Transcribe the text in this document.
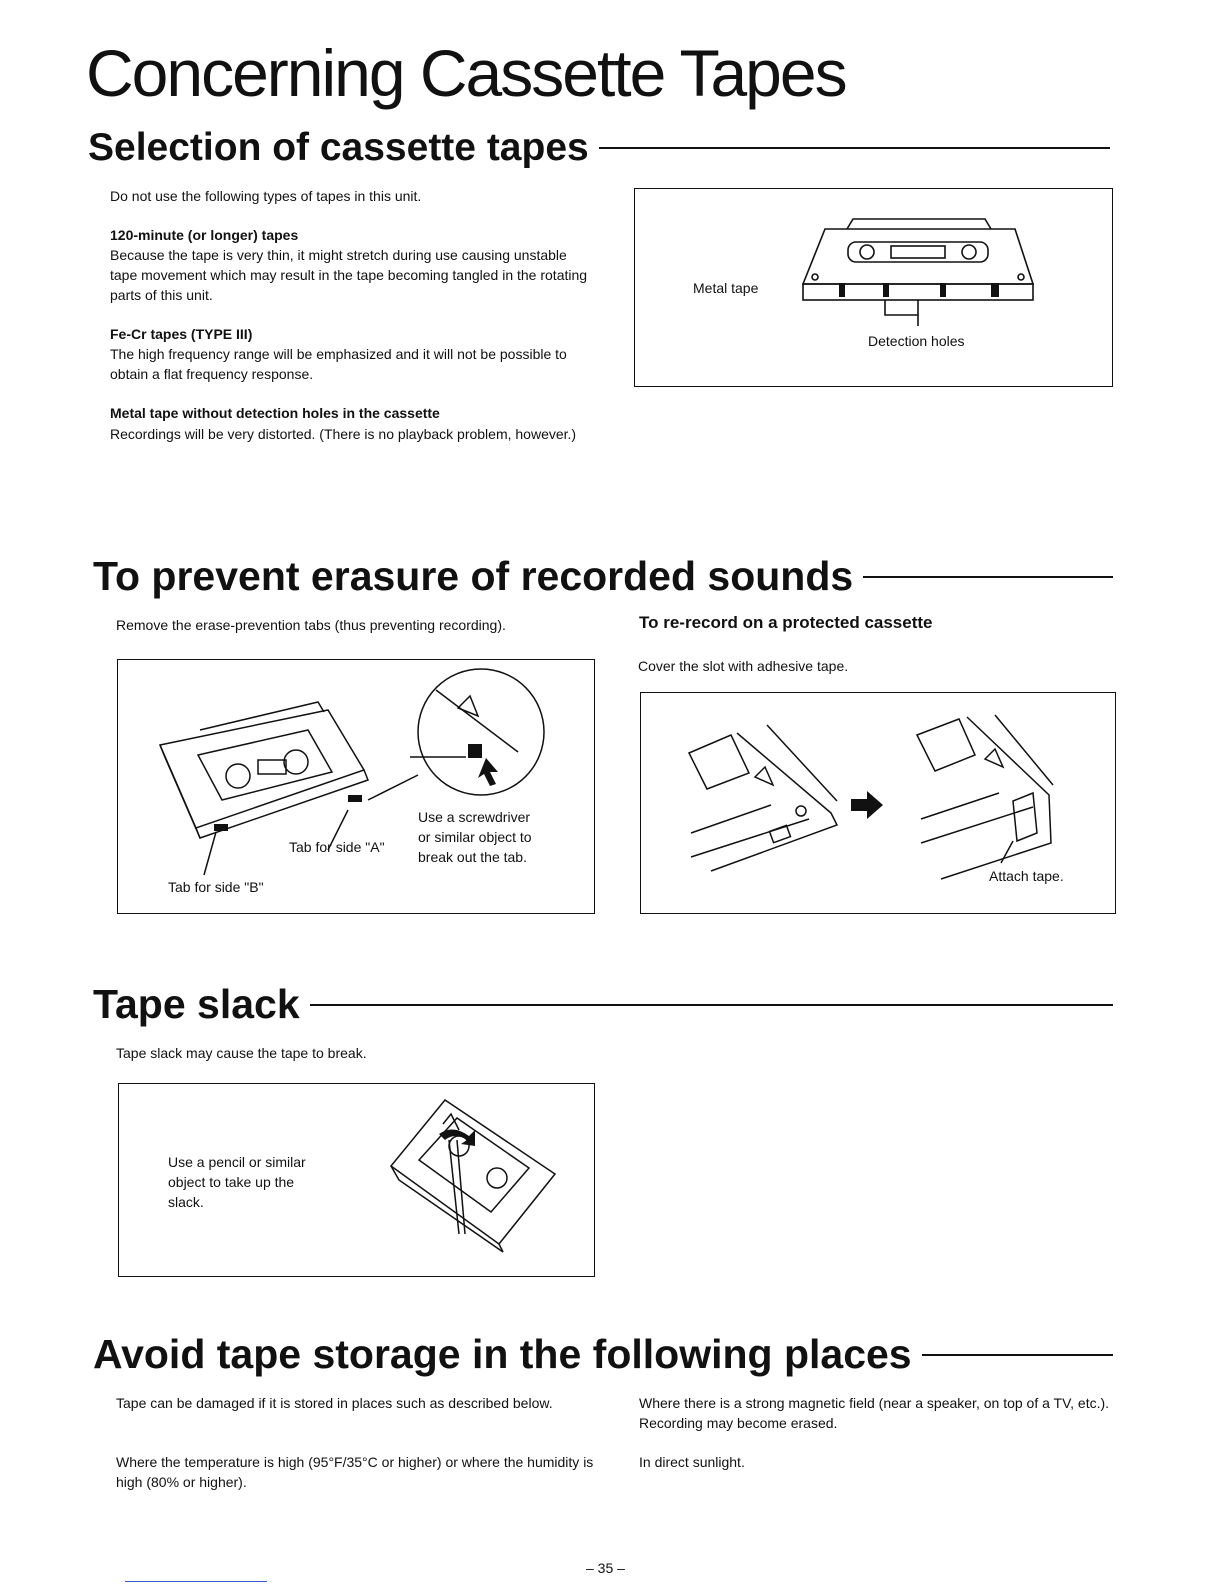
Concerning Cassette Tapes
Selection of cassette tapes
Do not use the following types of tapes in this unit.
120-minute (or longer) tapes
Because the tape is very thin, it might stretch during use causing unstable tape movement which may result in the tape becoming tangled in the rotating parts of this unit.
Fe-Cr tapes (TYPE III)
The high frequency range will be emphasized and it will not be possible to obtain a flat frequency response.
Metal tape without detection holes in the cassette
Recordings will be very distorted. (There is no playback problem, however.)
Metal tape
Detection holes
To prevent erasure of recorded sounds
Remove the erase-prevention tabs (thus preventing recording).
Tab for side "A"
Tab for side "B"
Use a screwdriver
or similar object to
break out the tab.
To re-record on a protected cassette
Cover the slot with adhesive tape.
Attach tape.
Tape slack
Tape slack may cause the tape to break.
Use a pencil or similar
object to take up the
slack.
Avoid tape storage in the following places
Tape can be damaged if it is stored in places such as described below.
Where the temperature is high (95°F/35°C or higher) or where the humidity is high (80% or higher).
Where there is a strong magnetic field (near a speaker, on top of a TV, etc.). Recording may become erased.
In direct sunlight.
– 35 –
